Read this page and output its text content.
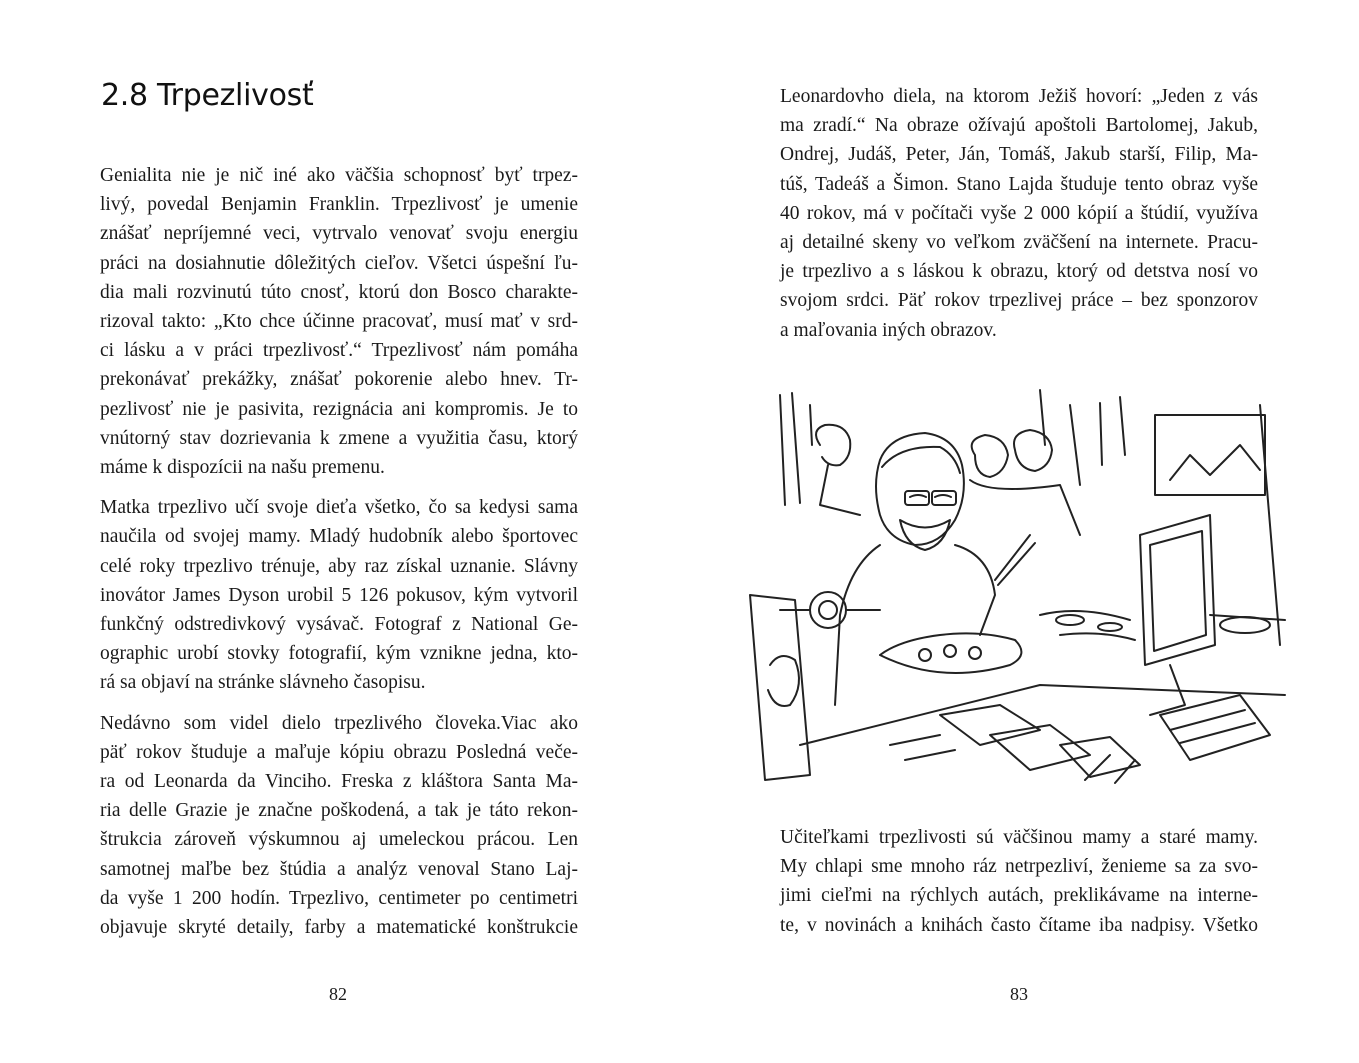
2.8 Trpezlivosť

Genialita nie je nič iné ako väčšia schopnosť byť trpez-
livý, povedal Benjamin Franklin. Trpezlivosť je umenie
znášať nepríjemné veci, vytrvalo venovať svoju energiu
práci na dosiahnutie dôležitých cieľov. Všetci úspešní ľu-
dia mali rozvinutú túto cnosť, ktorú don Bosco charakte-
rizoval takto: „Kto chce účinne pracovať, musí mať v srd-
ci lásku a v práci trpezlivosť.“ Trpezlivosť nám pomáha
prekonávať prekážky, znášať pokorenie alebo hnev. Tr-
pezlivosť nie je pasivita, rezignácia ani kompromis. Je to
vnútorný stav dozrievania k zmene a využitia času, ktorý
máme k dispozícii na našu premenu.

Matka trpezlivo učí svoje dieťa všetko, čo sa kedysi sama
naučila od svojej mamy. Mladý hudobník alebo športovec
celé roky trpezlivo trénuje, aby raz získal uznanie. Slávny
inovátor James Dyson urobil 5 126 pokusov, kým vytvoril
funkčný odstredivkový vysávač. Fotograf z National Ge-
ographic urobí stovky fotografií, kým vznikne jedna, kto-
rá sa objaví na stránke slávneho časopisu.

Nedávno som videl dielo trpezlivého človeka.Viac ako
päť rokov študuje a maľuje kópiu obrazu Posledná veče-
ra od Leonarda da Vinciho. Freska z kláštora Santa Ma-
ria delle Grazie je značne poškodená, a tak je táto rekon-
štrukcia zároveň výskumnou aj umeleckou prácou. Len
samotnej maľbe bez štúdia a analýz venoval Stano Laj-
da vyše 1 200 hodín. Trpezlivo, centimeter po centimetri
objavuje skryté detaily, farby a matematické konštrukcie

82

Leonardovho diela, na ktorom Ježiš hovorí: „Jeden z vás
ma zradí.“ Na obraze ožívajú apoštoli Bartolomej, Jakub,
Ondrej, Judáš, Peter, Ján, Tomáš, Jakub starší, Filip, Ma-
túš, Tadeáš a Šimon. Stano Lajda študuje tento obraz vyše
40 rokov, má v počítači vyše 2 000 kópií a štúdií, využíva
aj detailné skeny vo veľkom zväčšení na internete. Pracu-
je trpezlivo a s láskou k obrazu, ktorý od detstva nosí vo
svojom srdci. Päť rokov trpezlivej práce – bez sponzorov
a maľovania iných obrazov.

Učiteľkami trpezlivosti sú väčšinou mamy a staré mamy.
My chlapi sme mnoho ráz netrpezliví, ženieme sa za svo-
jimi cieľmi na rýchlych autách, preklikávame na interne-
te, v novinách a knihách často čítame iba nadpisy. Všetko

83
